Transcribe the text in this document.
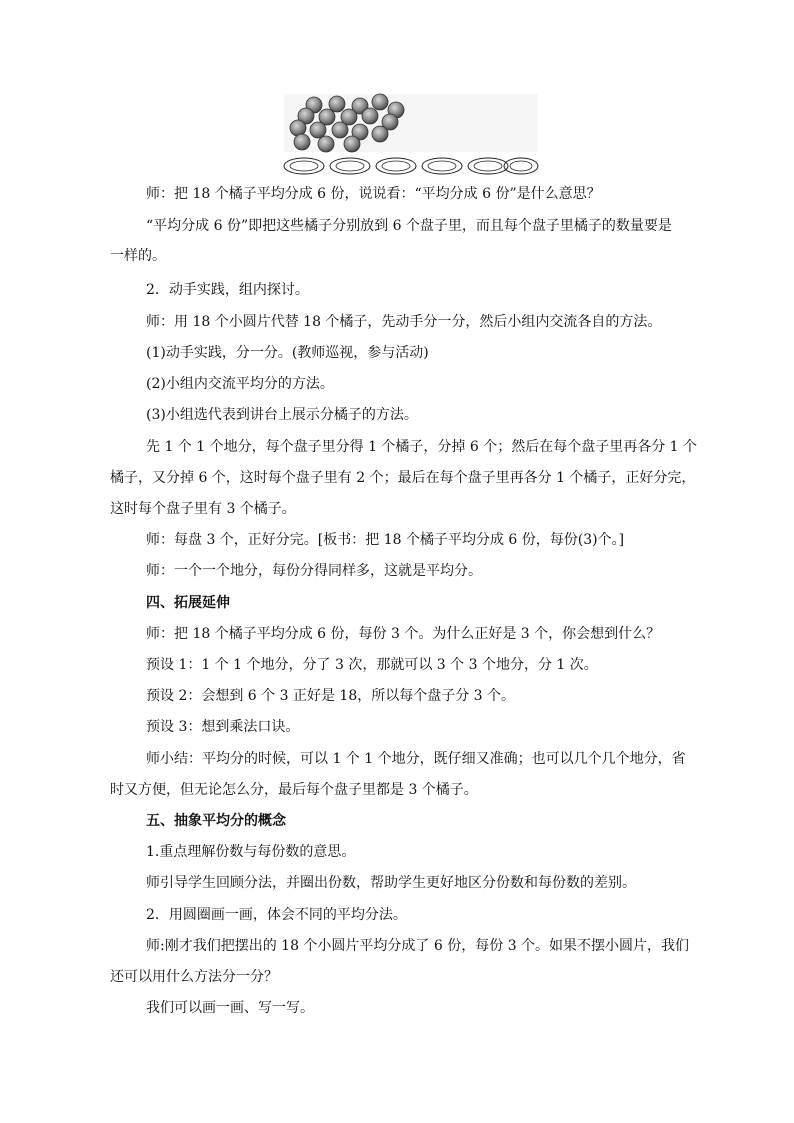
师：把 18 个橘子平均分成 6 份，说说看：“平均分成 6 份”是什么意思？

“平均分成 6 份”即把这些橘子分别放到 6 个盘子里，而且每个盘子里橘子的数量要是

一样的。

2．动手实践，组内探讨。

师：用 18 个小圆片代替 18 个橘子，先动手分一分，然后小组内交流各自的方法。

(1)动手实践，分一分。(教师巡视，参与活动)

(2)小组内交流平均分的方法。

(3)小组选代表到讲台上展示分橘子的方法。

先 1 个 1 个地分，每个盘子里分得 1 个橘子，分掉 6 个；然后在每个盘子里再各分 1 个

橘子，又分掉 6 个，这时每个盘子里有 2 个；最后在每个盘子里再各分 1 个橘子，正好分完，

这时每个盘子里有 3 个橘子。

师：每盘 3 个，正好分完。[板书：把 18 个橘子平均分成 6 份，每份(3)个。]

师：一个一个地分，每份分得同样多，这就是平均分。

四、拓展延伸

师：把 18 个橘子平均分成 6 份，每份 3 个。为什么正好是 3 个，你会想到什么？

预设 1：1 个 1 个地分，分了 3 次，那就可以 3 个 3 个地分，分 1 次。

预设 2：会想到 6 个 3 正好是 18，所以每个盘子分 3 个。

预设 3：想到乘法口诀。

师小结：平均分的时候，可以 1 个 1 个地分，既仔细又准确；也可以几个几个地分，省

时又方便，但无论怎么分，最后每个盘子里都是 3 个橘子。

五、抽象平均分的概念

1.重点理解份数与每份数的意思。

师引导学生回顾分法，并圈出份数，帮助学生更好地区分份数和每份数的差别。

2．用圆圈画一画，体会不同的平均分法。

师:刚才我们把摆出的 18 个小圆片平均分成了 6 份，每份 3 个。如果不摆小圆片，我们

还可以用什么方法分一分？

我们可以画一画、写一写。
